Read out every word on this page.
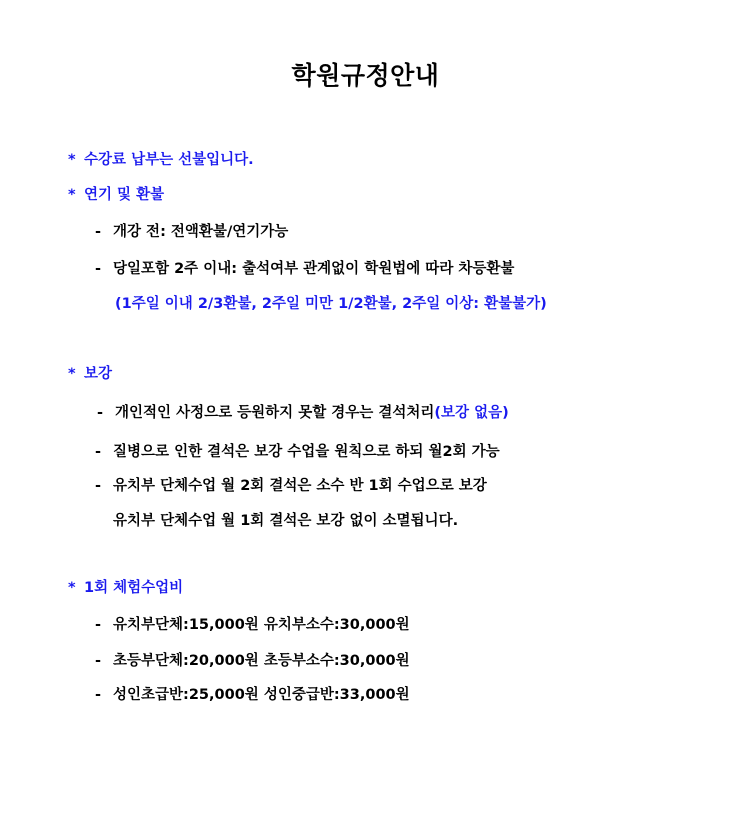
학원규정안내
* 수강료 납부는 선불입니다.
* 연기 및 환불
- 개강 전: 전액환불/연기가능
- 당일포함 2주 이내: 출석여부 관계없이 학원법에 따라 차등환불
(1주일 이내 2/3환불, 2주일 미만 1/2환불, 2주일 이상: 환불불가)
* 보강
- 개인적인 사정으로 등원하지 못할 경우는 결석처리(보강 없음)
- 질병으로 인한 결석은 보강 수업을 원칙으로 하되 월2회 가능
- 유치부 단체수업 월 2회 결석은 소수 반 1회 수업으로 보강
유치부 단체수업 월 1회 결석은 보강 없이 소멸됩니다.
* 1회 체험수업비
- 유치부단체:15,000원 유치부소수:30,000원
- 초등부단체:20,000원 초등부소수:30,000원
- 성인초급반:25,000원 성인중급반:33,000원
